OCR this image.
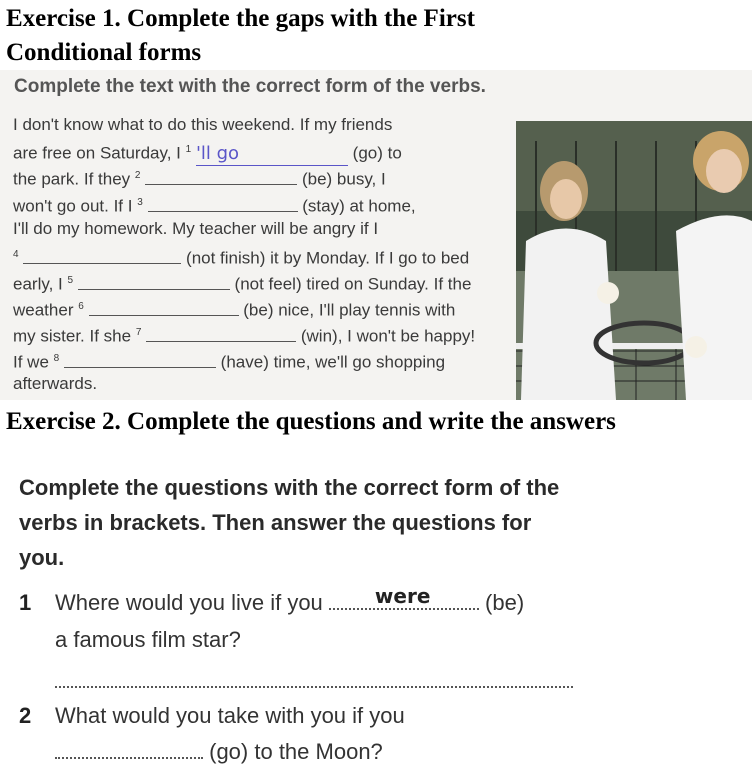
Exercise 1. Complete the gaps with the First Conditional forms
Complete the text with the correct form of the verbs.
I don't know what to do this weekend. If my friends
are free on Saturday, I $^1$ 'll go	(go) to
the park. If they $^2$	(be) busy, I
won't go out. If I $^3$	(stay) at home,
I'll do my homework. My teacher will be angry if I
$^4$	(not finish) it by Monday. If I go to bed
early, I $^5$	(not feel) tired on Sunday. If the
weather $^6$	(be) nice, I'll play tennis with
my sister. If she $^7$	(win), I won't be happy!
If we $^8$	(have) time, we'll go shopping
afterwards.
Exercise 2. Complete the questions and write the answers
Complete the questions with the correct form of the verbs in brackets. Then answer the questions for you.
1 Where would you live if you	were (be)
a famous film star?
2 What would you take with you if you
(go) to the Moon?
